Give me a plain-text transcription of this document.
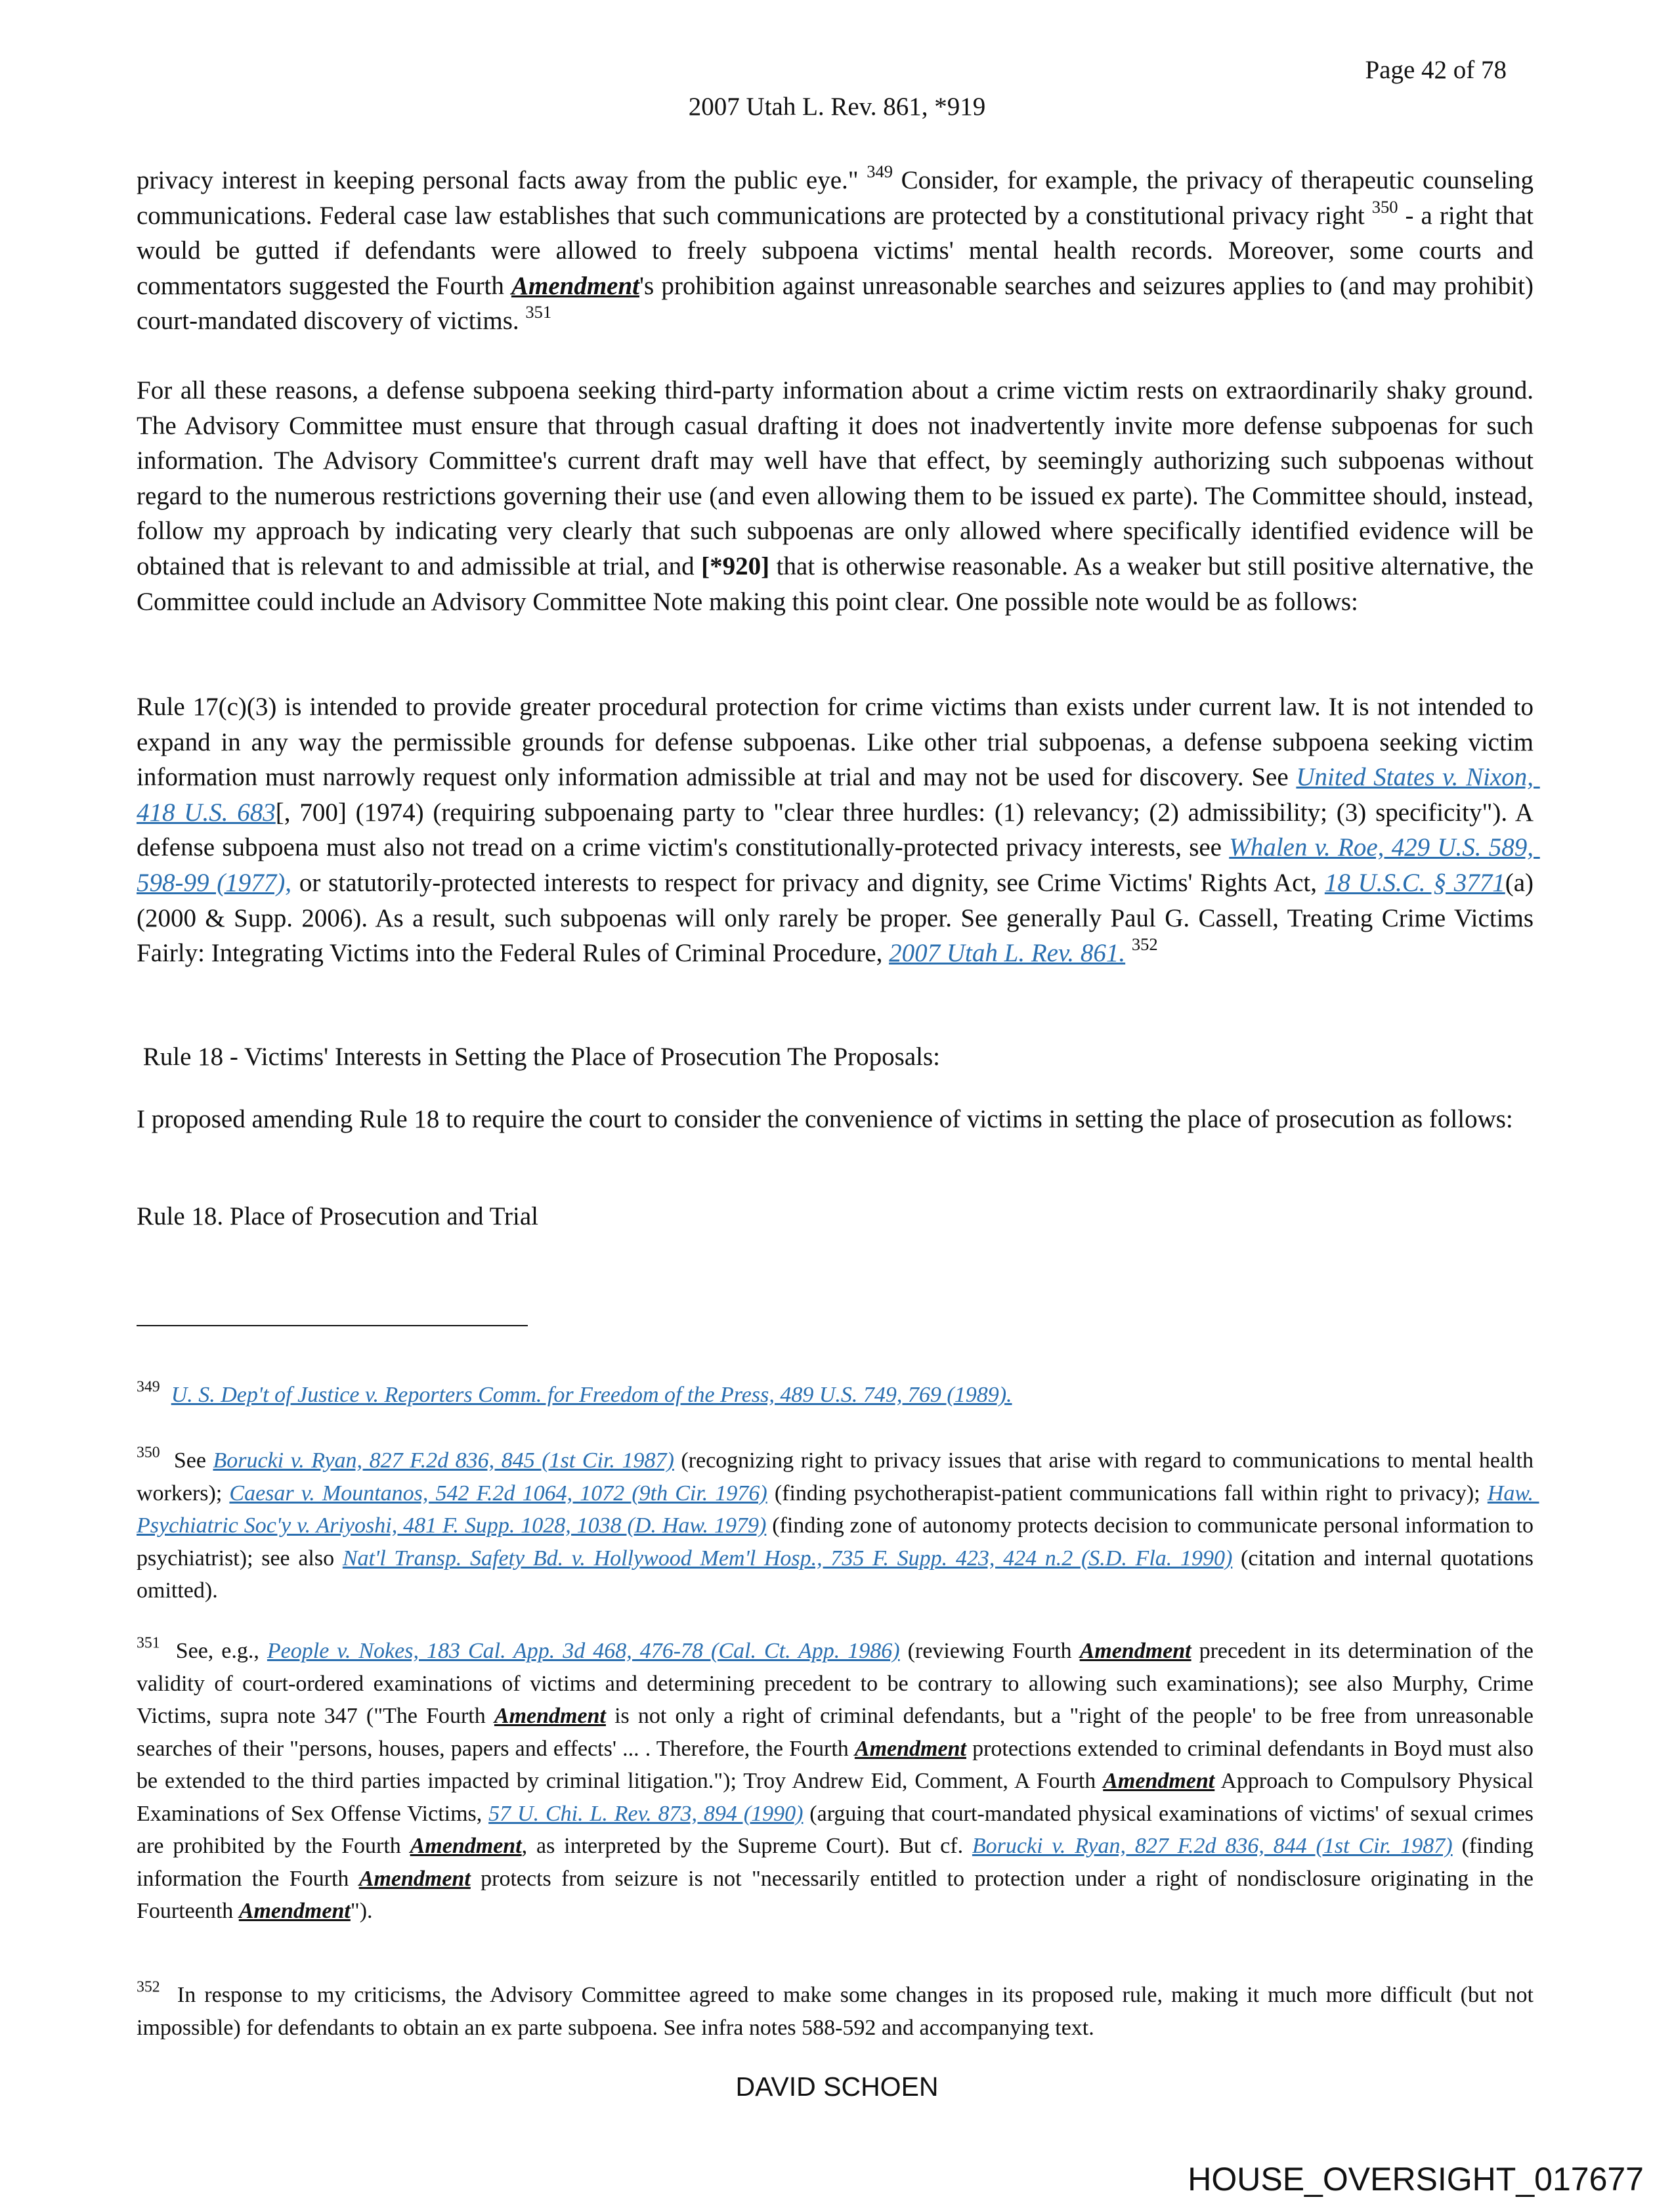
Page 42 of 78
2007 Utah L. Rev. 861, *919
privacy interest in keeping personal facts away from the public eye." $^{349}$ Consider, for example, the privacy of therapeutic counseling communications. Federal case law establishes that such communications are protected by a constitutional privacy right $^{350}$ - a right that would be gutted if defendants were allowed to freely subpoena victims' mental health records. Moreover, some courts and commentators suggested the Fourth Amendment's prohibition against unreasonable searches and seizures applies to (and may prohibit) court-mandated discovery of victims. $^{351}$
For all these reasons, a defense subpoena seeking third-party information about a crime victim rests on extraordinarily shaky ground. The Advisory Committee must ensure that through casual drafting it does not inadvertently invite more defense subpoenas for such information. The Advisory Committee's current draft may well have that effect, by seemingly authorizing such subpoenas without regard to the numerous restrictions governing their use (and even allowing them to be issued ex parte). The Committee should, instead, follow my approach by indicating very clearly that such subpoenas are only allowed where specifically identified evidence will be obtained that is relevant to and admissible at trial, and [*920] that is otherwise reasonable. As a weaker but still positive alternative, the Committee could include an Advisory Committee Note making this point clear. One possible note would be as follows:
Rule 17(c)(3) is intended to provide greater procedural protection for crime victims than exists under current law. It is not intended to expand in any way the permissible grounds for defense subpoenas. Like other trial subpoenas, a defense subpoena seeking victim information must narrowly request only information admissible at trial and may not be used for discovery. See United States v. Nixon, 418 U.S. 683[, 700] (1974) (requiring subpoenaing party to "clear three hurdles: (1) relevancy; (2) admissibility; (3) specificity"). A defense subpoena must also not tread on a crime victim's constitutionally-protected privacy interests, see Whalen v. Roe, 429 U.S. 589, 598-99 (1977), or statutorily-protected interests to respect for privacy and dignity, see Crime Victims' Rights Act, 18 U.S.C. § 3771(a) (2000 & Supp. 2006). As a result, such subpoenas will only rarely be proper. See generally Paul G. Cassell, Treating Crime Victims Fairly: Integrating Victims into the Federal Rules of Criminal Procedure, 2007 Utah L. Rev. 861. $^{352}$
Rule 18 - Victims' Interests in Setting the Place of Prosecution The Proposals:
I proposed amending Rule 18 to require the court to consider the convenience of victims in setting the place of prosecution as follows:
Rule 18. Place of Prosecution and Trial
$^{349}$ U. S. Dep't of Justice v. Reporters Comm. for Freedom of the Press, 489 U.S. 749, 769 (1989).
$^{350}$  See Borucki v. Ryan, 827 F.2d 836, 845 (1st Cir. 1987) (recognizing right to privacy issues that arise with regard to communications to mental health workers); Caesar v. Mountanos, 542 F.2d 1064, 1072 (9th Cir. 1976) (finding psychotherapist-patient communications fall within right to privacy); Haw. Psychiatric Soc'y v. Ariyoshi, 481 F. Supp. 1028, 1038 (D. Haw. 1979) (finding zone of autonomy protects decision to communicate personal information to psychiatrist); see also Nat'l Transp. Safety Bd. v. Hollywood Mem'l Hosp., 735 F. Supp. 423, 424 n.2 (S.D. Fla. 1990) (citation and internal quotations omitted).
$^{351}$  See, e.g., People v. Nokes, 183 Cal. App. 3d 468, 476-78 (Cal. Ct. App. 1986) (reviewing Fourth Amendment precedent in its determination of the validity of court-ordered examinations of victims and determining precedent to be contrary to allowing such examinations); see also Murphy, Crime Victims, supra note 347 ("The Fourth Amendment is not only a right of criminal defendants, but a "right of the people' to be free from unreasonable searches of their "persons, houses, papers and effects' ... . Therefore, the Fourth Amendment protections extended to criminal defendants in Boyd must also be extended to the third parties impacted by criminal litigation."); Troy Andrew Eid, Comment, A Fourth Amendment Approach to Compulsory Physical Examinations of Sex Offense Victims, 57 U. Chi. L. Rev. 873, 894 (1990) (arguing that court-mandated physical examinations of victims' of sexual crimes are prohibited by the Fourth Amendment, as interpreted by the Supreme Court). But cf. Borucki v. Ryan, 827 F.2d 836, 844 (1st Cir. 1987) (finding information the Fourth Amendment protects from seizure is not "necessarily entitled to protection under a right of nondisclosure originating in the Fourteenth Amendment").
$^{352}$  In response to my criticisms, the Advisory Committee agreed to make some changes in its proposed rule, making it much more difficult (but not impossible) for defendants to obtain an ex parte subpoena. See infra notes 588-592 and accompanying text.
DAVID SCHOEN
HOUSE_OVERSIGHT_017677
